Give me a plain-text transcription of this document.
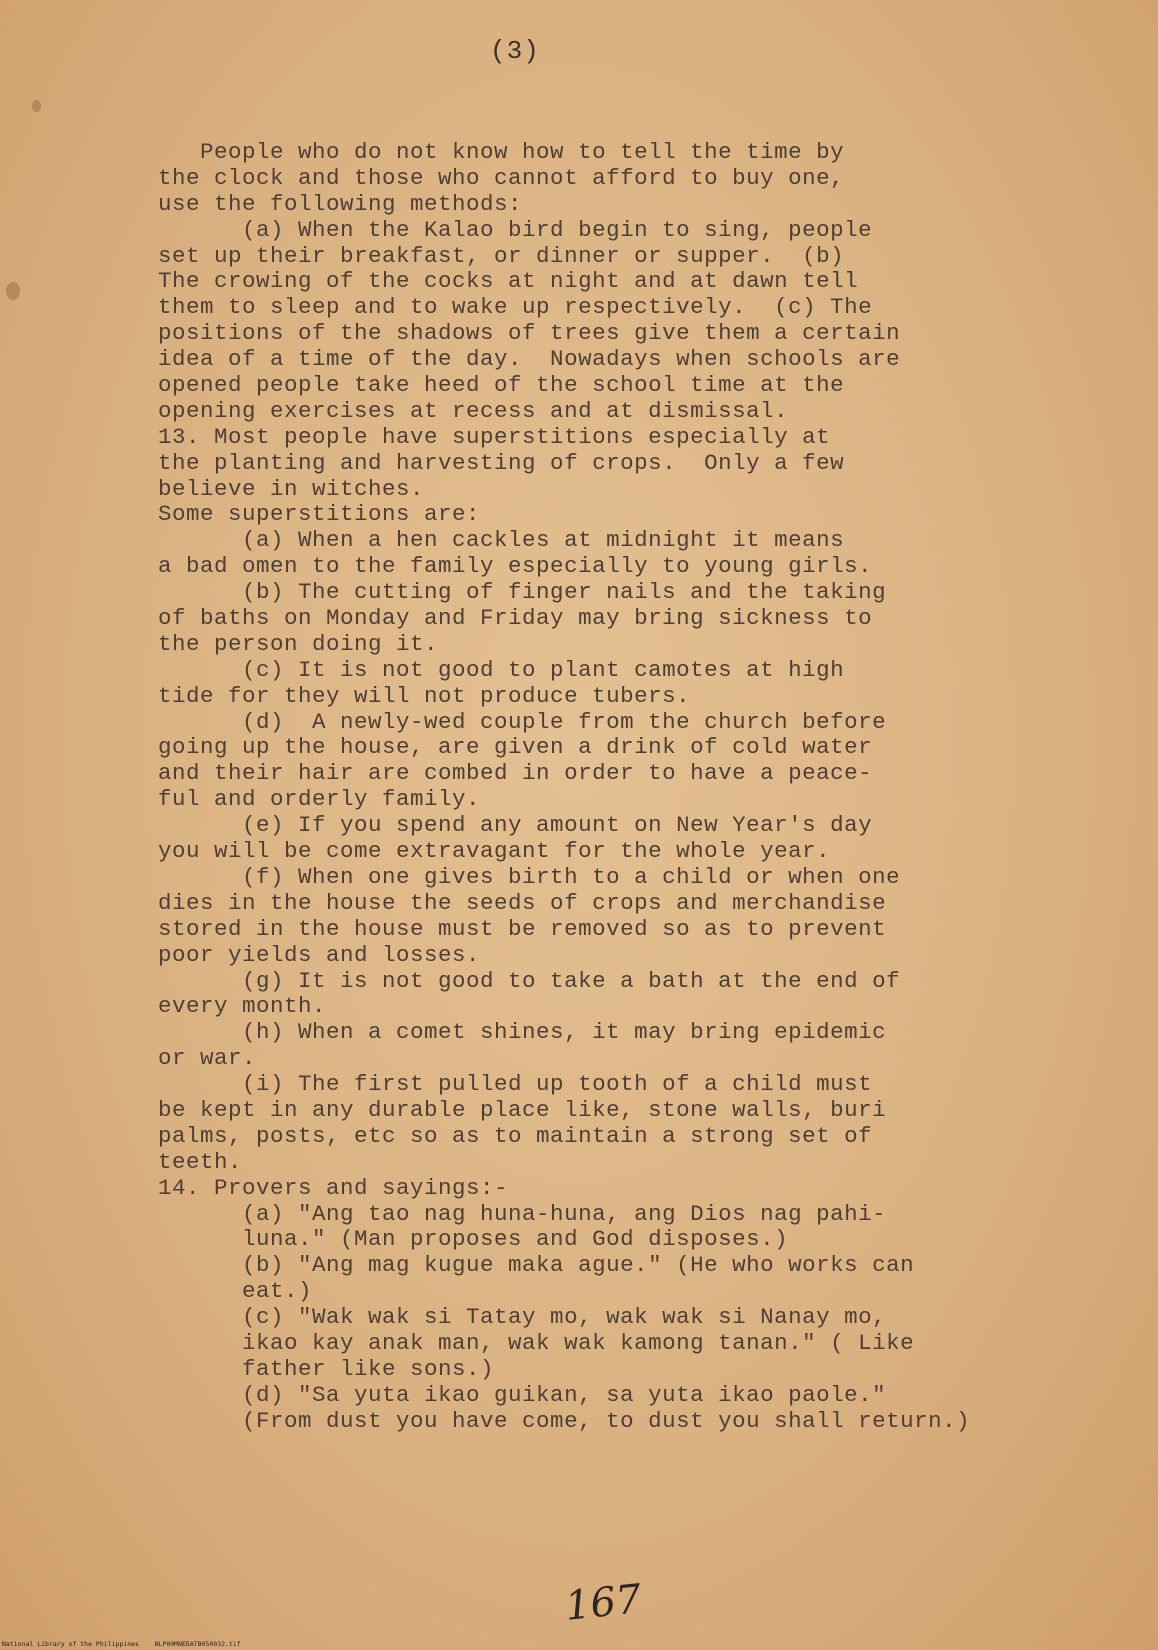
(3)
People who do not know how to tell the time by
the clock and those who cannot afford to buy one,
use the following methods:
(a) When the Kalao bird begin to sing, people
set up their breakfast, or dinner or supper.  (b)
The crowing of the cocks at night and at dawn tell
them to sleep and to wake up respectively.  (c) The
positions of the shadows of trees give them a certain
idea of a time of the day.  Nowadays when schools are
opened people take heed of the school time at the
opening exercises at recess and at dismissal.
13. Most people have superstitions especially at
the planting and harvesting of crops.  Only a few
believe in witches.
Some superstitions are:
(a) When a hen cackles at midnight it means
a bad omen to the family especially to young girls.
(b) The cutting of finger nails and the taking
of baths on Monday and Friday may bring sickness to
the person doing it.
(c) It is not good to plant camotes at high
tide for they will not produce tubers.
(d)  A newly-wed couple from the church before
going up the house, are given a drink of cold water
and their hair are combed in order to have a peace-
ful and orderly family.
(e) If you spend any amount on New Year's day
you will be come extravagant for the whole year.
(f) When one gives birth to a child or when one
dies in the house the seeds of crops and merchandise
stored in the house must be removed so as to prevent
poor yields and losses.
(g) It is not good to take a bath at the end of
every month.
(h) When a comet shines, it may bring epidemic
or war.
(i) The first pulled up tooth of a child must
be kept in any durable place like, stone walls, buri
palms, posts, etc so as to maintain a strong set of
teeth.
14. Provers and sayings:-
(a) "Ang tao nag huna-huna, ang Dios nag pahi-
luna." (Man proposes and God disposes.)
(b) "Ang mag kugue maka ague." (He who works can
eat.)
(c) "Wak wak si Tatay mo, wak wak si Nanay mo,
ikao kay anak man, wak wak kamong tanan." ( Like
father like sons.)
(d) "Sa yuta ikao guikan, sa yuta ikao paole."
(From dust you have come, to dust you shall return.)
167
National Library of the Philippines    NLP00MNEDATB050032.tif
